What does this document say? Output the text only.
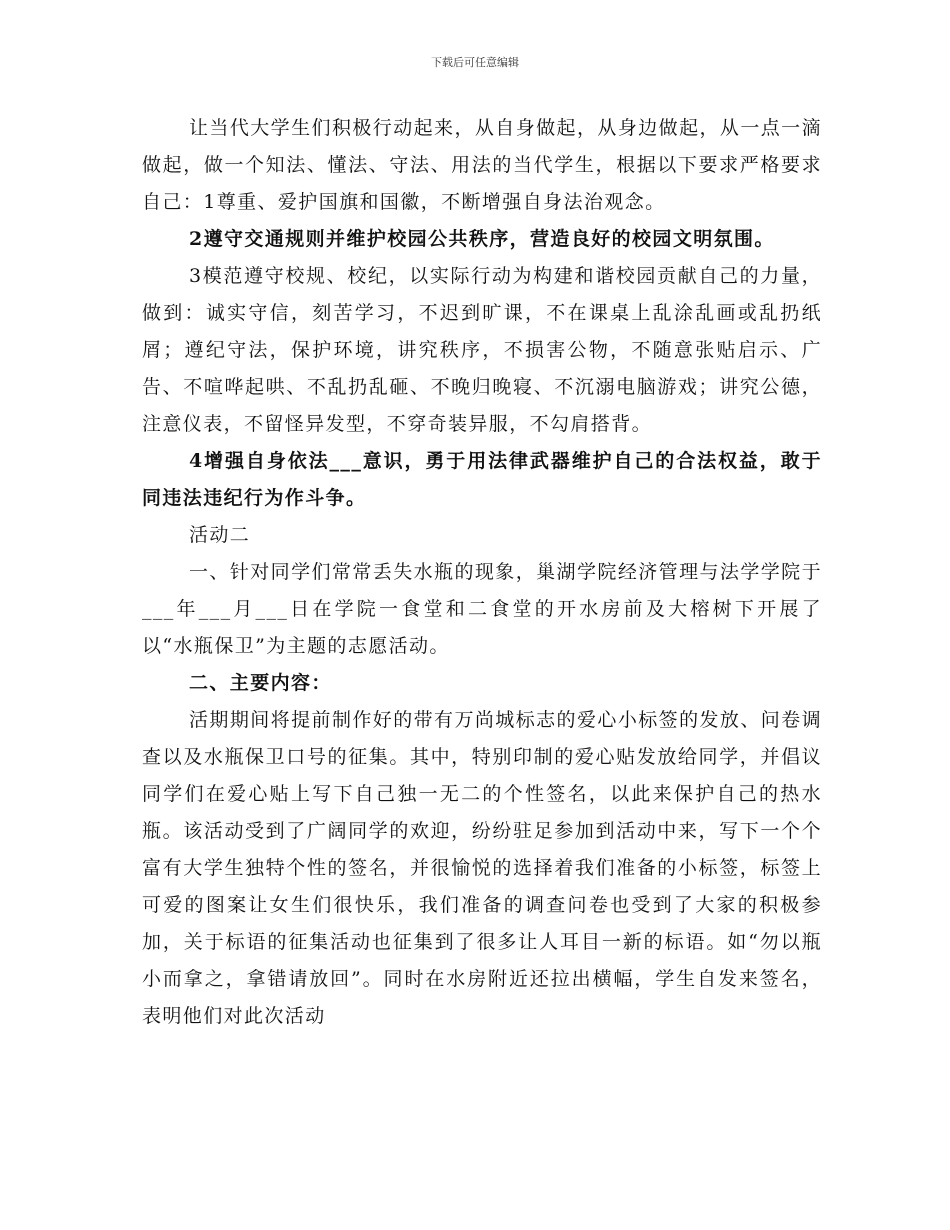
下载后可任意编辑

让当代大学生们积极行动起来，从自身做起，从身边做起，从一点一滴做起，做一个知法、懂法、守法、用法的当代学生，根据以下要求严格要求自己：1尊重、爱护国旗和国徽，不断增强自身法治观念。

2遵守交通规则并维护校园公共秩序，营造良好的校园文明氛围。

3模范遵守校规、校纪，以实际行动为构建和谐校园贡献自己的力量，做到：诚实守信，刻苦学习，不迟到旷课，不在课桌上乱涂乱画或乱扔纸屑；遵纪守法，保护环境，讲究秩序，不损害公物，不随意张贴启示、广告、不喧哗起哄、不乱扔乱砸、不晚归晚寝、不沉溺电脑游戏；讲究公德，注意仪表，不留怪异发型，不穿奇装异服，不勾肩搭背。

4增强自身依法___意识，勇于用法律武器维护自己的合法权益，敢于同违法违纪行为作斗争。

活动二

一、针对同学们常常丢失水瓶的现象，巢湖学院经济管理与法学学院于___年___月___日在学院一食堂和二食堂的开水房前及大榕树下开展了以“水瓶保卫”为主题的志愿活动。

二、主要内容：

活期期间将提前制作好的带有万尚城标志的爱心小标签的发放、问卷调查以及水瓶保卫口号的征集。其中，特别印制的爱心贴发放给同学，并倡议同学们在爱心贴上写下自己独一无二的个性签名，以此来保护自己的热水瓶。该活动受到了广阔同学的欢迎，纷纷驻足参加到活动中来，写下一个个富有大学生独特个性的签名，并很愉悦的选择着我们准备的小标签，标签上可爱的图案让女生们很快乐，我们准备的调查问卷也受到了大家的积极参加，关于标语的征集活动也征集到了很多让人耳目一新的标语。如“勿以瓶小而拿之，拿错请放回”。同时在水房附近还拉出横幅，学生自发来签名，表明他们对此次活动
